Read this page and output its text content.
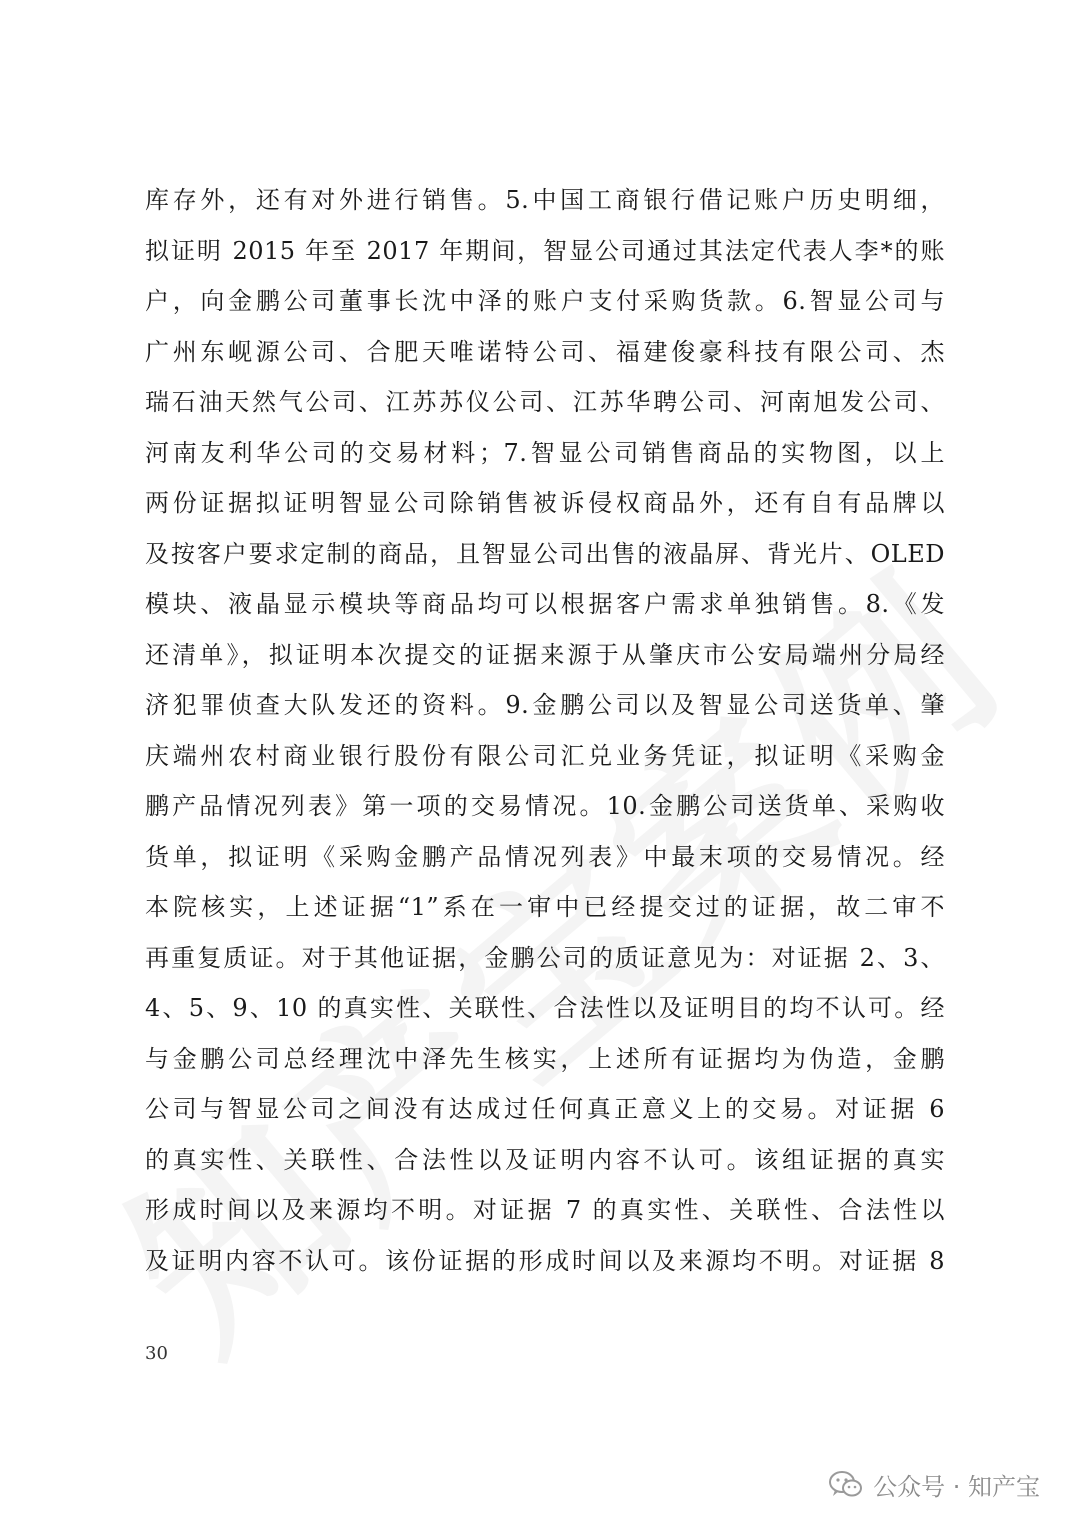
库存外，还有对外进行销售。5.中国工商银行借记账户历史明细，
拟证明 2015 年至 2017 年期间，智显公司通过其法定代表人李*的账
户，向金鹏公司董事长沈中泽的账户支付采购货款。6.智显公司与
广州东岘源公司、合肥天唯诺特公司、福建俊豪科技有限公司、杰
瑞石油天然气公司、江苏苏仪公司、江苏华聘公司、河南旭发公司、
河南友利华公司的交易材料；7.智显公司销售商品的实物图，以上
两份证据拟证明智显公司除销售被诉侵权商品外，还有自有品牌以
及按客户要求定制的商品，且智显公司出售的液晶屏、背光片、OLED
模块、液晶显示模块等商品均可以根据客户需求单独销售。8.《发
还清单》，拟证明本次提交的证据来源于从肇庆市公安局端州分局经
济犯罪侦查大队发还的资料。9.金鹏公司以及智显公司送货单、肇
庆端州农村商业银行股份有限公司汇兑业务凭证，拟证明《采购金
鹏产品情况列表》第一项的交易情况。10.金鹏公司送货单、采购收
货单，拟证明《采购金鹏产品情况列表》中最末项的交易情况。经
本院核实，上述证据“1”系在一审中已经提交过的证据，故二审不
再重复质证。对于其他证据，金鹏公司的质证意见为：对证据 2、3、
4、5、9、10 的真实性、关联性、合法性以及证明目的均不认可。经
与金鹏公司总经理沈中泽先生核实，上述所有证据均为伪造，金鹏
公司与智显公司之间没有达成过任何真正意义上的交易。对证据 6
的真实性、关联性、合法性以及证明内容不认可。该组证据的真实
形成时间以及来源均不明。对证据 7 的真实性、关联性、合法性以
及证明内容不认可。该份证据的形成时间以及来源均不明。对证据 8
30
公众号 · 知产宝
